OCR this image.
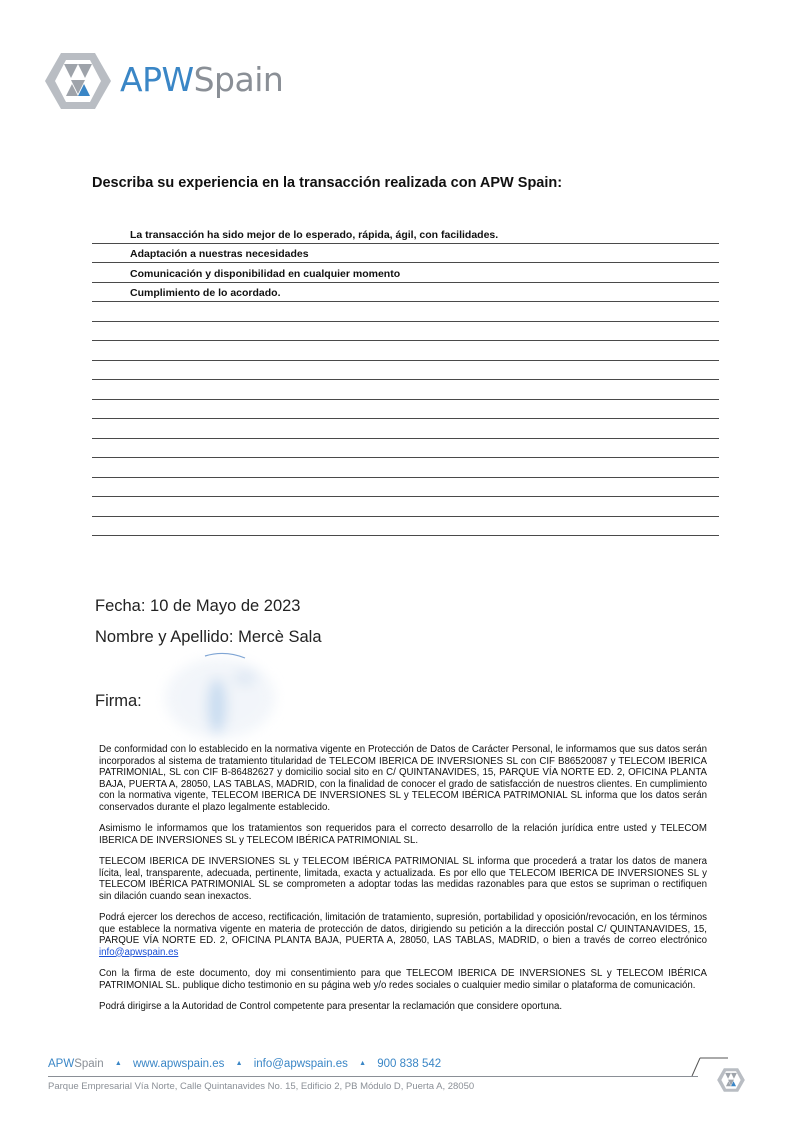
APWSpain
Describa su experiencia en la transacción realizada con APW Spain:
La transacción ha sido mejor de lo esperado, rápida, ágil, con facilidades.
Adaptación a nuestras necesidades
Comunicación y disponibilidad en cualquier momento
Cumplimiento de lo acordado.
Fecha: 10 de Mayo de 2023
Nombre y Apellido: Mercè Sala
Firma:

De conformidad con lo establecido en la normativa vigente en Protección de Datos de Carácter Personal, le informamos que sus datos serán incorporados al sistema de tratamiento titularidad de TELECOM IBERICA DE INVERSIONES SL con CIF B86520087 y TELECOM IBERICA PATRIMONIAL, SL con CIF B-86482627 y domicilio social sito en C/ QUINTANAVIDES, 15, PARQUE VÍA NORTE ED. 2, OFICINA PLANTA BAJA, PUERTA A, 28050, LAS TABLAS, MADRID, con la finalidad de conocer el grado de satisfacción de nuestros clientes. En cumplimiento con la normativa vigente, TELECOM IBERICA DE INVERSIONES SL y TELECOM IBÉRICA PATRIMONIAL SL informa que los datos serán conservados durante el plazo legalmente establecido.

Asimismo le informamos que los tratamientos son requeridos para el correcto desarrollo de la relación jurídica entre usted y TELECOM IBERICA DE INVERSIONES SL y TELECOM IBÉRICA PATRIMONIAL SL.

TELECOM IBERICA DE INVERSIONES SL y TELECOM IBÉRICA PATRIMONIAL SL informa que procederá a tratar los datos de manera lícita, leal, transparente, adecuada, pertinente, limitada, exacta y actualizada. Es por ello que TELECOM IBERICA DE INVERSIONES SL y TELECOM IBÉRICA PATRIMONIAL SL se comprometen a adoptar todas las medidas razonables para que estos se supriman o rectifiquen sin dilación cuando sean inexactos.

Podrá ejercer los derechos de acceso, rectificación, limitación de tratamiento, supresión, portabilidad y oposición/revocación, en los términos que establece la normativa vigente en materia de protección de datos, dirigiendo su petición a la dirección postal C/ QUINTANAVIDES, 15, PARQUE VÍA NORTE ED. 2, OFICINA PLANTA BAJA, PUERTA A, 28050, LAS TABLAS, MADRID, o bien a través de correo electrónico info@apwspain.es

Con la firma de este documento, doy mi consentimiento para que TELECOM IBERICA DE INVERSIONES SL y TELECOM IBÉRICA PATRIMONIAL SL. publique dicho testimonio en su página web y/o redes sociales o cualquier medio similar o plataforma de comunicación.

Podrá dirigirse a la Autoridad de Control competente para presentar la reclamación que considere oportuna.

APWSpain ▲ www.apwspain.es ▲ info@apwspain.es ▲ 900 838 542
Parque Empresarial Vía Norte, Calle Quintanavides No. 15, Edificio 2, PB Módulo D, Puerta A, 28050
